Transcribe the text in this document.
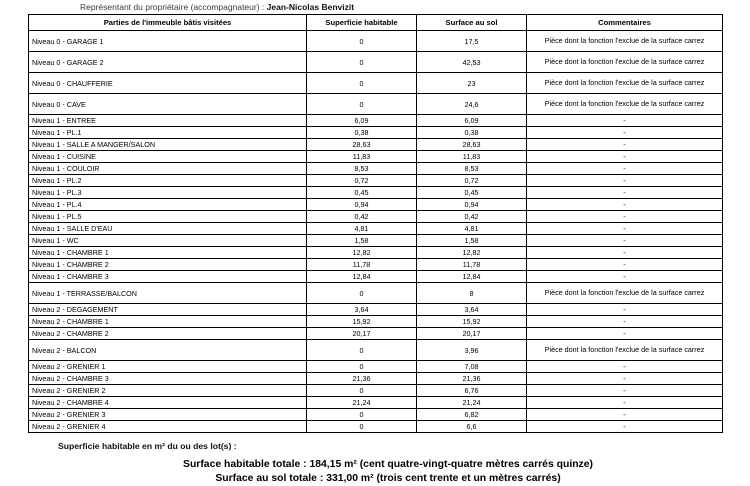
Représentant du propriétaire (accompagnateur) : Jean-Nicolas Benvizit
Parties de l'immeuble bâtis visitées	Superficie habitable	Surface au sol	Commentaires
Niveau 0 - GARAGE 1	0	17,5	Pièce dont la fonction l'exclue de la surface carrez
Niveau 0 - GARAGE 2	0	42,53	Pièce dont la fonction l'exclue de la surface carrez
Niveau 0 - CHAUFFERIE	0	23	Pièce dont la fonction l'exclue de la surface carrez
Niveau 0 - CAVE	0	24,6	Pièce dont la fonction l'exclue de la surface carrez
Niveau 1 - ENTREE	6,09	6,09	-
Niveau 1 - PL.1	0,38	0,38	-
Niveau 1 - SALLE A MANGER/SALON	28,63	28,63	-
Niveau 1 - CUISINE	11,83	11,83	-
Niveau 1 - COULOIR	8,53	8,53	-
Niveau 1 - PL.2	0,72	0,72	-
Niveau 1 - PL.3	0,45	0,45	-
Niveau 1 - PL.4	0,94	0,94	-
Niveau 1 - PL.5	0,42	0,42	-
Niveau 1 - SALLE D'EAU	4,81	4,81	-
Niveau 1 - WC	1,58	1,58	-
Niveau 1 - CHAMBRE 1	12,82	12,82	-
Niveau 1 - CHAMBRE 2	11,78	11,78	-
Niveau 1 - CHAMBRE 3	12,84	12,84	-
Niveau 1 - TERRASSE/BALCON	0	8	Pièce dont la fonction l'exclue de la surface carrez
Niveau 2 - DEGAGEMENT	3,64	3,64	-
Niveau 2 - CHAMBRE 1	15,92	15,92	-
Niveau 2 - CHAMBRE 2	20,17	20,17	-
Niveau 2 - BALCON	0	3,96	Pièce dont la fonction l'exclue de la surface carrez
Niveau 2 - GRENIER 1	0	7,08	-
Niveau 2 - CHAMBRE 3	21,36	21,36	-
Niveau 2 - GRENIER 2	0	6,76	-
Niveau 2 - CHAMBRE 4	21,24	21,24	-
Niveau 2 - GRENIER 3	0	6,82	-
Niveau 2 - GRENIER 4	0	6,6	-
Superficie habitable en m² du ou des lot(s) :
Surface habitable totale : 184,15 m² (cent quatre-vingt-quatre mètres carrés quinze)
Surface au sol totale : 331,00 m² (trois cent trente et un mètres carrés)
